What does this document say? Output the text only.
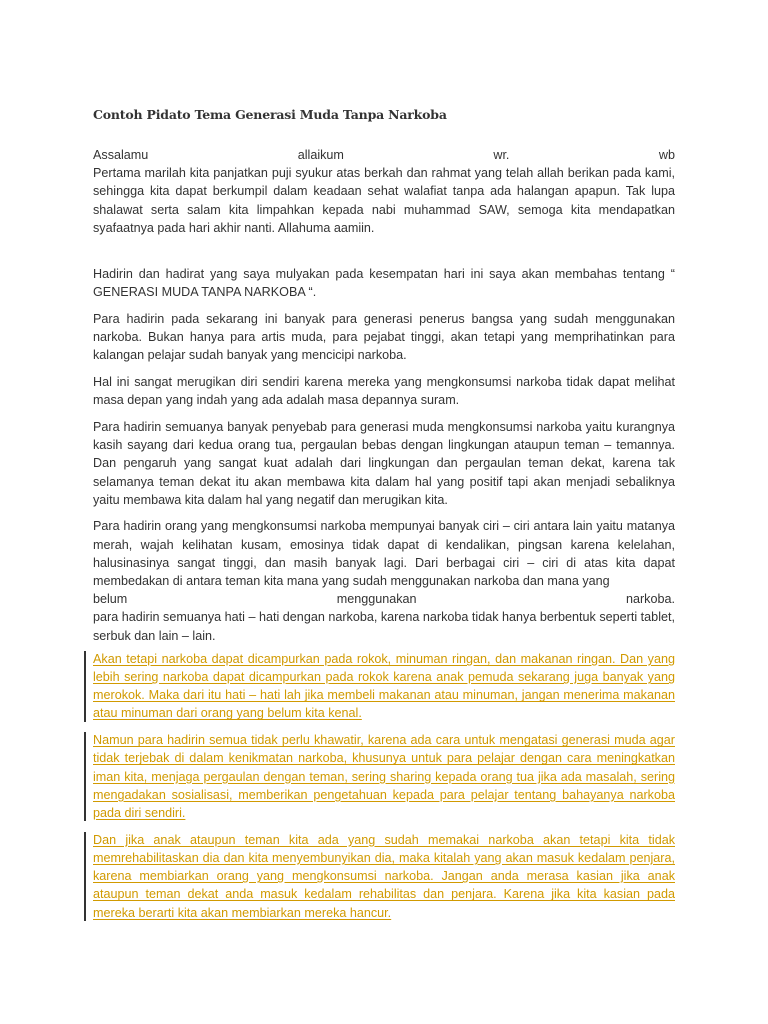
Contoh Pidato Tema Generasi Muda Tanpa Narkoba
Assalamu	allaikum	wr.	wb

Pertama marilah kita panjatkan puji syukur atas berkah dan rahmat yang telah allah berikan pada kami, sehingga kita dapat berkumpil dalam keadaan sehat walafiat tanpa ada halangan apapun. Tak lupa shalawat serta salam kita limpahkan kepada nabi muhammad SAW, semoga kita mendapatkan syafaatnya pada hari akhir nanti. Allahuma aamiin.

Hadirin dan hadirat yang saya mulyakan pada kesempatan hari ini saya akan membahas tentang “ GENERASI MUDA TANPA NARKOBA “.

Para hadirin pada sekarang ini banyak para generasi penerus bangsa yang sudah menggunakan narkoba. Bukan hanya para artis muda, para pejabat tinggi, akan tetapi yang memprihatinkan para kalangan pelajar sudah banyak yang mencicipi narkoba.

Hal ini sangat merugikan diri sendiri karena mereka yang mengkonsumsi narkoba tidak dapat melihat masa depan yang indah yang ada adalah masa depannya suram.

Para hadirin semuanya banyak penyebab para generasi muda mengkonsumsi narkoba yaitu kurangnya kasih sayang dari kedua orang tua, pergaulan bebas dengan lingkungan ataupun teman – temannya. Dan pengaruh yang sangat kuat adalah dari lingkungan dan pergaulan teman dekat, karena tak selamanya teman dekat itu akan membawa kita dalam hal yang positif tapi akan menjadi sebaliknya yaitu membawa kita dalam hal yang negatif dan merugikan kita.

Para hadirin orang yang mengkonsumsi narkoba mempunyai banyak ciri – ciri antara lain yaitu matanya merah, wajah kelihatan kusam, emosinya tidak dapat di kendalikan, pingsan karena kelelahan, halusinasinya sangat tinggi, dan masih banyak lagi. Dari berbagai ciri – ciri di atas kita dapat membedakan di antara teman kita mana yang sudah menggunakan narkoba dan mana yang

belum	menggunakan	narkoba.

para hadirin semuanya hati – hati dengan narkoba, karena narkoba tidak hanya berbentuk seperti tablet, serbuk dan lain – lain.

Akan tetapi narkoba dapat dicampurkan pada rokok, minuman ringan, dan makanan ringan. Dan yang lebih sering narkoba dapat dicampurkan pada rokok karena anak pemuda sekarang juga banyak yang merokok. Maka dari itu hati – hati lah jika membeli makanan atau minuman, jangan menerima makanan atau minuman dari orang yang belum kita kenal.

Namun para hadirin semua tidak perlu khawatir, karena ada cara untuk mengatasi generasi muda agar tidak terjebak di dalam kenikmatan narkoba, khusunya untuk para pelajar dengan cara meningkatkan iman kita, menjaga pergaulan dengan teman, sering sharing kepada orang tua jika ada masalah, sering mengadakan sosialisasi, memberikan pengetahuan kepada para pelajar tentang bahayanya narkoba pada diri sendiri.

Dan jika anak ataupun teman kita ada yang sudah memakai narkoba akan tetapi kita tidak memrehabilitaskan dia dan kita menyembunyikan dia, maka kitalah yang akan masuk kedalam penjara, karena membiarkan orang yang mengkonsumsi narkoba. Jangan anda merasa kasian jika anak ataupun teman dekat anda masuk kedalam rehabilitas dan penjara. Karena jika kita kasian pada mereka berarti kita akan membiarkan mereka hancur.
